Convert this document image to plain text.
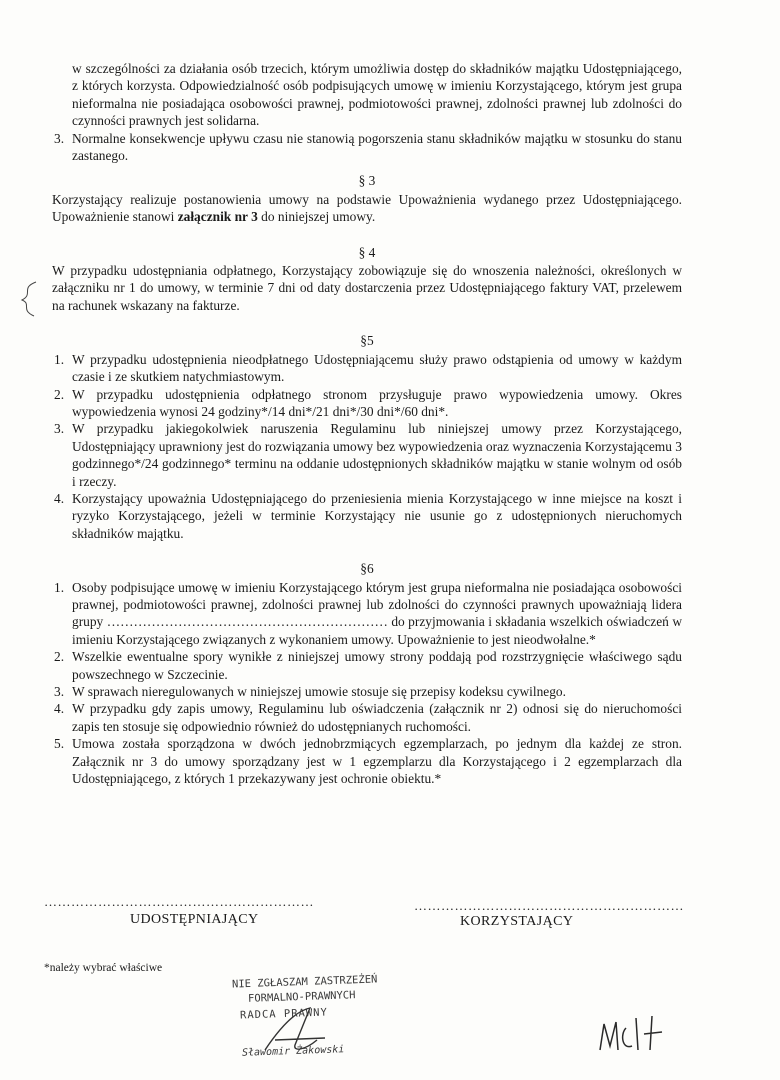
w szczególności za działania osób trzecich, którym umożliwia dostęp do składników majątku Udostępniającego, z których korzysta. Odpowiedzialność osób podpisujących umowę w imieniu Korzystającego, którym jest grupa nieformalna nie posiadająca osobowości prawnej, podmiotowości prawnej, zdolności prawnej lub zdolności do czynności prawnych jest solidarna.

3. Normalne konsekwencje upływu czasu nie stanowią pogorszenia stanu składników majątku w stosunku do stanu zastanego.
§ 3

Korzystający realizuje postanowienia umowy na podstawie Upoważnienia wydanego przez Udostępniającego. Upoważnienie stanowi załącznik nr 3 do niniejszej umowy.

§ 4

W przypadku udostępniania odpłatnego, Korzystający zobowiązuje się do wnoszenia należności, określonych w załączniku nr 1 do umowy, w terminie 7 dni od daty dostarczenia przez Udostępniającego faktury VAT, przelewem na rachunek wskazany na fakturze.

§5
1. W przypadku udostępnienia nieodpłatnego Udostępniającemu służy prawo odstąpienia od umowy w każdym czasie i ze skutkiem natychmiastowym.
2. W przypadku udostępnienia odpłatnego stronom przysługuje prawo wypowiedzenia umowy. Okres wypowiedzenia wynosi 24 godziny*/14 dni*/21 dni*/30 dni*/60 dni*.
3. W przypadku jakiegokolwiek naruszenia Regulaminu lub niniejszej umowy przez Korzystającego, Udostępniający uprawniony jest do rozwiązania umowy bez wypowiedzenia oraz wyznaczenia Korzystającemu 3 godzinnego*/24 godzinnego* terminu na oddanie udostępnionych składników majątku w stanie wolnym od osób i rzeczy.
4. Korzystający upoważnia Udostępniającego do przeniesienia mienia Korzystającego w inne miejsce na koszt i ryzyko Korzystającego, jeżeli w terminie Korzystający nie usunie go z udostępnionych nieruchomych składników majątku.
§6
1. Osoby podpisujące umowę w imieniu Korzystającego którym jest grupa nieformalna nie posiadająca osobowości prawnej, podmiotowości prawnej, zdolności prawnej lub zdolności do czynności prawnych upoważniają lidera grupy ……………………………………………………… do przyjmowania i składania wszelkich oświadczeń w imieniu Korzystającego związanych z wykonaniem umowy. Upoważnienie to jest nieodwołalne.*
2. Wszelkie ewentualne spory wynikłe z niniejszej umowy strony poddają pod rozstrzygnięcie właściwego sądu powszechnego w Szczecinie.
3. W sprawach nieregulowanych w niniejszej umowie stosuje się przepisy kodeksu cywilnego.
4. W przypadku gdy zapis umowy, Regulaminu lub oświadczenia (załącznik nr 2) odnosi się do nieruchomości zapis ten stosuje się odpowiednio również do udostępnianych ruchomości.
5. Umowa została sporządzona w dwóch jednobrzmiących egzemplarzach, po jednym dla każdej ze stron. Załącznik nr 3 do umowy sporządzany jest w 1 egzemplarzu dla Korzystającego i 2 egzemplarzach dla Udostępniającego, z których 1 przekazywany jest ochronie obiektu.*
……………………………………………………	……………………………………………………
UDOSTĘPNIAJĄCY	KORZYSTAJĄCY
*należy wybrać właściwe
NIE ZGŁASZAM ZASTRZEŻEŃ
FORMALNO-PRAWNYCH
RADCA PRAWNY
Sławomir Żakowski
